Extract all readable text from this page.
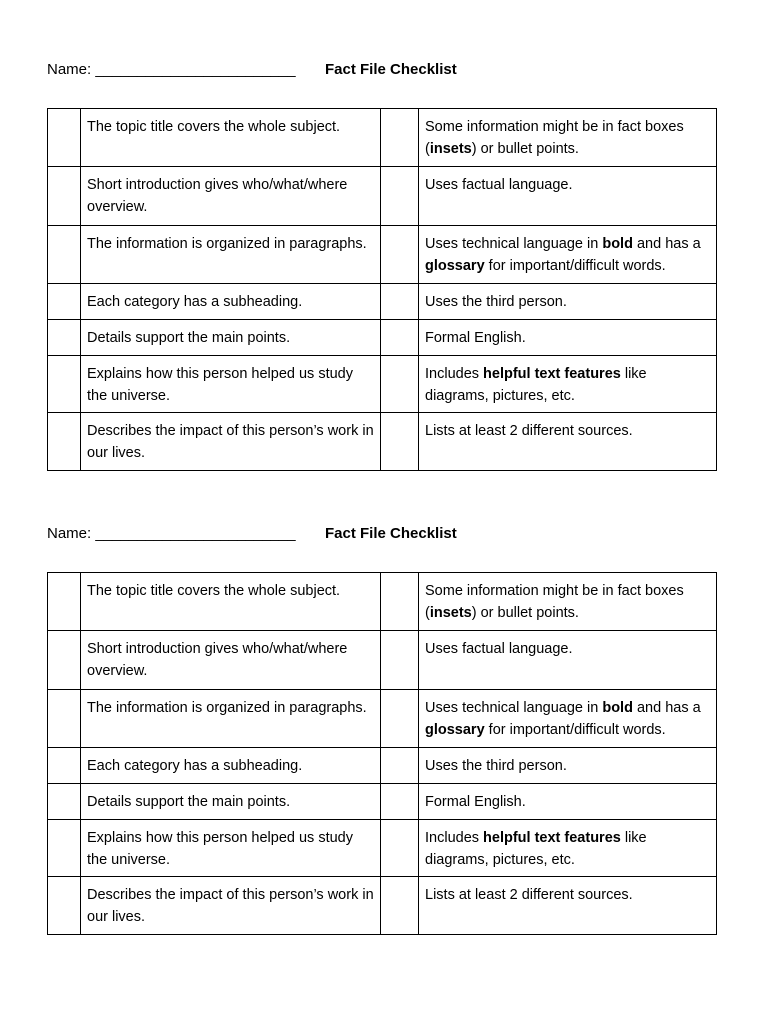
Name: ________________________ Fact File Checklist
	The topic title covers the whole subject.		Some information might be in fact boxes (insets) or bullet points.
	Short introduction gives who/what/where overview.		Uses factual language.
	The information is organized in paragraphs.		Uses technical language in bold and has a glossary for important/difficult words.
	Each category has a subheading.		Uses the third person.
	Details support the main points.		Formal English.
	Explains how this person helped us study the universe.		Includes helpful text features like diagrams, pictures, etc.
	Describes the impact of this person’s work in our lives.		Lists at least 2 different sources.
Name: ________________________ Fact File Checklist
	The topic title covers the whole subject.		Some information might be in fact boxes (insets) or bullet points.
	Short introduction gives who/what/where overview.		Uses factual language.
	The information is organized in paragraphs.		Uses technical language in bold and has a glossary for important/difficult words.
	Each category has a subheading.		Uses the third person.
	Details support the main points.		Formal English.
	Explains how this person helped us study the universe.		Includes helpful text features like diagrams, pictures, etc.
	Describes the impact of this person’s work in our lives.		Lists at least 2 different sources.
